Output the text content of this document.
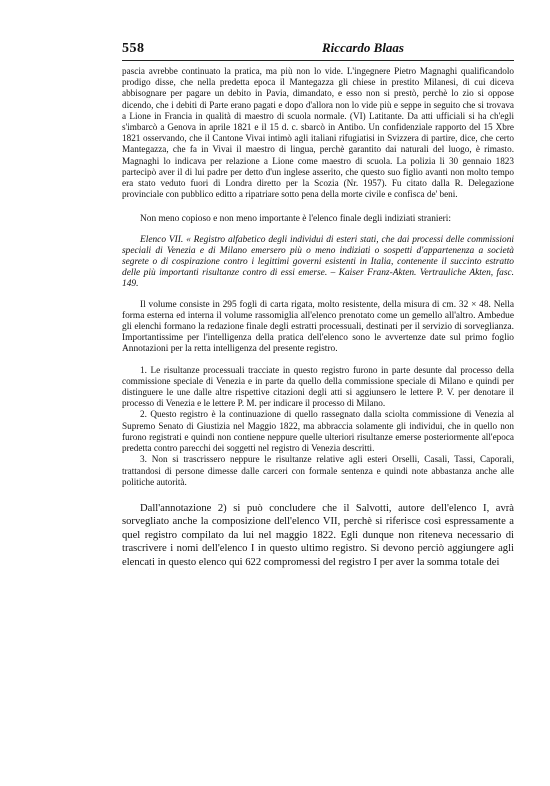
558	Riccardo Blaas

pascia avrebbe continuato la pratica, ma più non lo vide. L'ingegnere Pietro Magnaghi qualificandolo prodigo disse, che nella predetta epoca il Mantegazza gli chiese in prestito Milanesi, di cui diceva abbisognare per pagare un debito in Pavia, dimandato, e esso non si prestò, perchè lo zio si oppose dicendo, che i debiti di Parte erano pagati e dopo d'allora non lo vide più e seppe in seguito che si trovava a Lione in Francia in qualità di maestro di scuola normale. (VI) Latitante. Da atti ufficiali si ha ch'egli s'imbarcò a Genova in aprile 1821 e il 15 d. c. sbarcò in Antibo. Un confidenziale rapporto del 15 Xbre 1821 osservando, che il Cantone Vivai intimò agli italiani rifugiatisi in Svizzera di partire, dice, che certo Mantegazza, che fa in Vivai il maestro di lingua, perchè garantito dai naturali del luogo, è rimasto. Magnaghi lo indicava per relazione a Lione come maestro di scuola. La polizia li 30 gennaio 1823 partecipò aver il di lui padre per detto d'un inglese asserito, che questo suo figlio avanti non molto tempo era stato veduto fuori di Londra diretto per la Scozia (Nr. 1957). Fu citato dalla R. Delegazione provinciale con pubblico editto a ripatriare sotto pena della morte civile e confisca de' beni.

Non meno copioso e non meno importante è l'elenco finale degli indiziati stranieri:

Elenco VII. « Registro alfabetico degli individui di esteri stati, che dai processi delle commissioni speciali di Venezia e di Milano emersero più o meno indiziati o sospetti d'appartenenza a società segrete o di cospirazione contro i legittimi governi esistenti in Italia, contenente il succinto estratto delle più importanti risultanze contro di essi emerse. – Kaiser Franz-Akten. Vertrauliche Akten, fasc. 149.

Il volume consiste in 295 fogli di carta rigata, molto resistente, della misura di cm. 32 × 48. Nella forma esterna ed interna il volume rassomiglia all'elenco prenotato come un gemello all'altro. Ambedue gli elenchi formano la redazione finale degli estratti processuali, destinati per il servizio di sorveglianza. Importantissime per l'intelligenza della pratica dell'elenco sono le avvertenze date sul primo foglio Annotazioni per la retta intelligenza del presente registro.

1. Le risultanze processuali tracciate in questo registro furono in parte desunte dal processo della commissione speciale di Venezia e in parte da quello della commissione speciale di Milano e quindi per distinguere le une dalle altre rispettive citazioni degli atti si aggiunsero le lettere P. V. per denotare il processo di Venezia e le lettere P. M. per indicare il processo di Milano.

2. Questo registro è la continuazione di quello rassegnato dalla sciolta commissione di Venezia al Supremo Senato di Giustizia nel Maggio 1822, ma abbraccia solamente gli individui, che in quello non furono registrati e quindi non contiene neppure quelle ulteriori risultanze emerse posteriormente all'epoca predetta contro parecchi dei soggetti nel registro di Venezia descritti.

3. Non si trascrissero neppure le risultanze relative agli esteri Orselli, Casali, Tassi, Caporali, trattandosi di persone dimesse dalle carceri con formale sentenza e quindi note abbastanza anche alle politiche autorità.

Dall'annotazione 2) si può concludere che il Salvotti, autore dell'elenco I, avrà sorvegliato anche la composizione dell'elenco VII, perchè si riferisce così espressamente a quel registro compilato da lui nel maggio 1822. Egli dunque non riteneva necessario di trascrivere i nomi dell'elenco I in questo ultimo registro. Si devono perciò aggiungere agli elencati in questo elenco qui 622 compromessi del registro I per aver la somma totale dei
